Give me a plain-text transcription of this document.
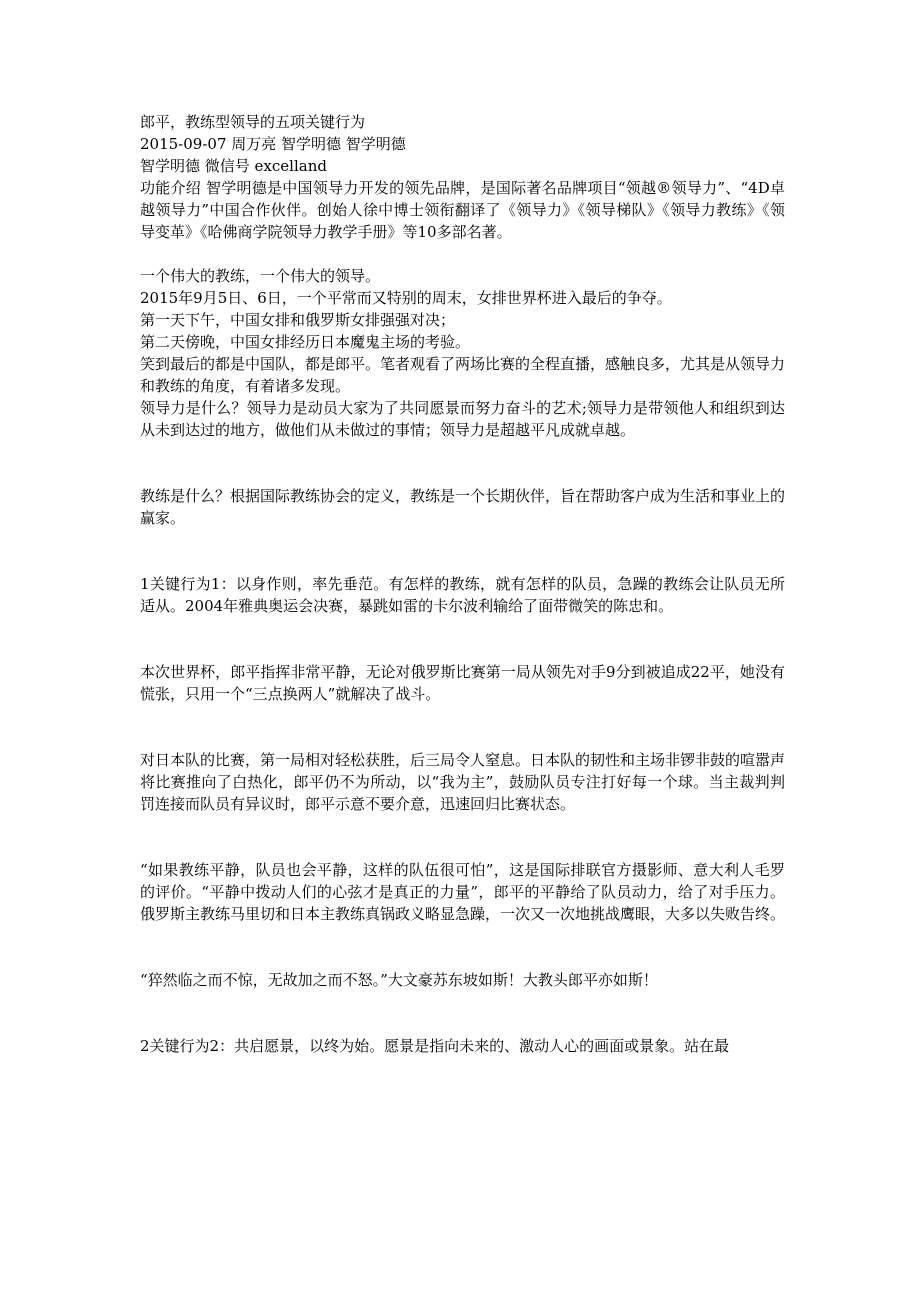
郎平，教练型领导的五项关键行为

2015-09-07 周万亮 智学明德 智学明德

智学明德 微信号 excelland

功能介绍 智学明德是中国领导力开发的领先品牌，是国际著名品牌项目“领越®领导力”、“4D卓越领导力”中国合作伙伴。创始人徐中博士领衔翻译了《领导力》《领导梯队》《领导力教练》《领导变革》《哈佛商学院领导力教学手册》等10多部名著。

一个伟大的教练，一个伟大的领导。

2015年9月5日、6日，一个平常而又特别的周末，女排世界杯进入最后的争夺。

第一天下午，中国女排和俄罗斯女排强强对决；

第二天傍晚，中国女排经历日本魔鬼主场的考验。

笑到最后的都是中国队，都是郎平。笔者观看了两场比赛的全程直播，感触良多，尤其是从领导力和教练的角度，有着诸多发现。

领导力是什么？领导力是动员大家为了共同愿景而努力奋斗的艺术;领导力是带领他人和组织到达从未到达过的地方，做他们从未做过的事情；领导力是超越平凡成就卓越。

教练是什么？根据国际教练协会的定义，教练是一个长期伙伴，旨在帮助客户成为生活和事业上的赢家。

1关键行为1：以身作则，率先垂范。有怎样的教练，就有怎样的队员，急躁的教练会让队员无所适从。2004年雅典奥运会决赛，暴跳如雷的卡尔波利输给了面带微笑的陈忠和。

本次世界杯，郎平指挥非常平静，无论对俄罗斯比赛第一局从领先对手9分到被追成22平，她没有慌张，只用一个“三点换两人”就解决了战斗。

对日本队的比赛，第一局相对轻松获胜，后三局令人窒息。日本队的韧性和主场非锣非鼓的喧嚣声将比赛推向了白热化，郎平仍不为所动，以“我为主”，鼓励队员专注打好每一个球。当主裁判判罚连接而队员有异议时，郎平示意不要介意，迅速回归比赛状态。

“如果教练平静，队员也会平静，这样的队伍很可怕”，这是国际排联官方摄影师、意大利人毛罗的评价。“平静中拨动人们的心弦才是真正的力量”，郎平的平静给了队员动力，给了对手压力。俄罗斯主教练马里切和日本主教练真锅政义略显急躁，一次又一次地挑战鹰眼，大多以失败告终。

“猝然临之而不惊，无故加之而不怒。”大文豪苏东坡如斯！大教头郎平亦如斯！

2关键行为2：共启愿景，以终为始。愿景是指向未来的、激动人心的画面或景象。站在最
